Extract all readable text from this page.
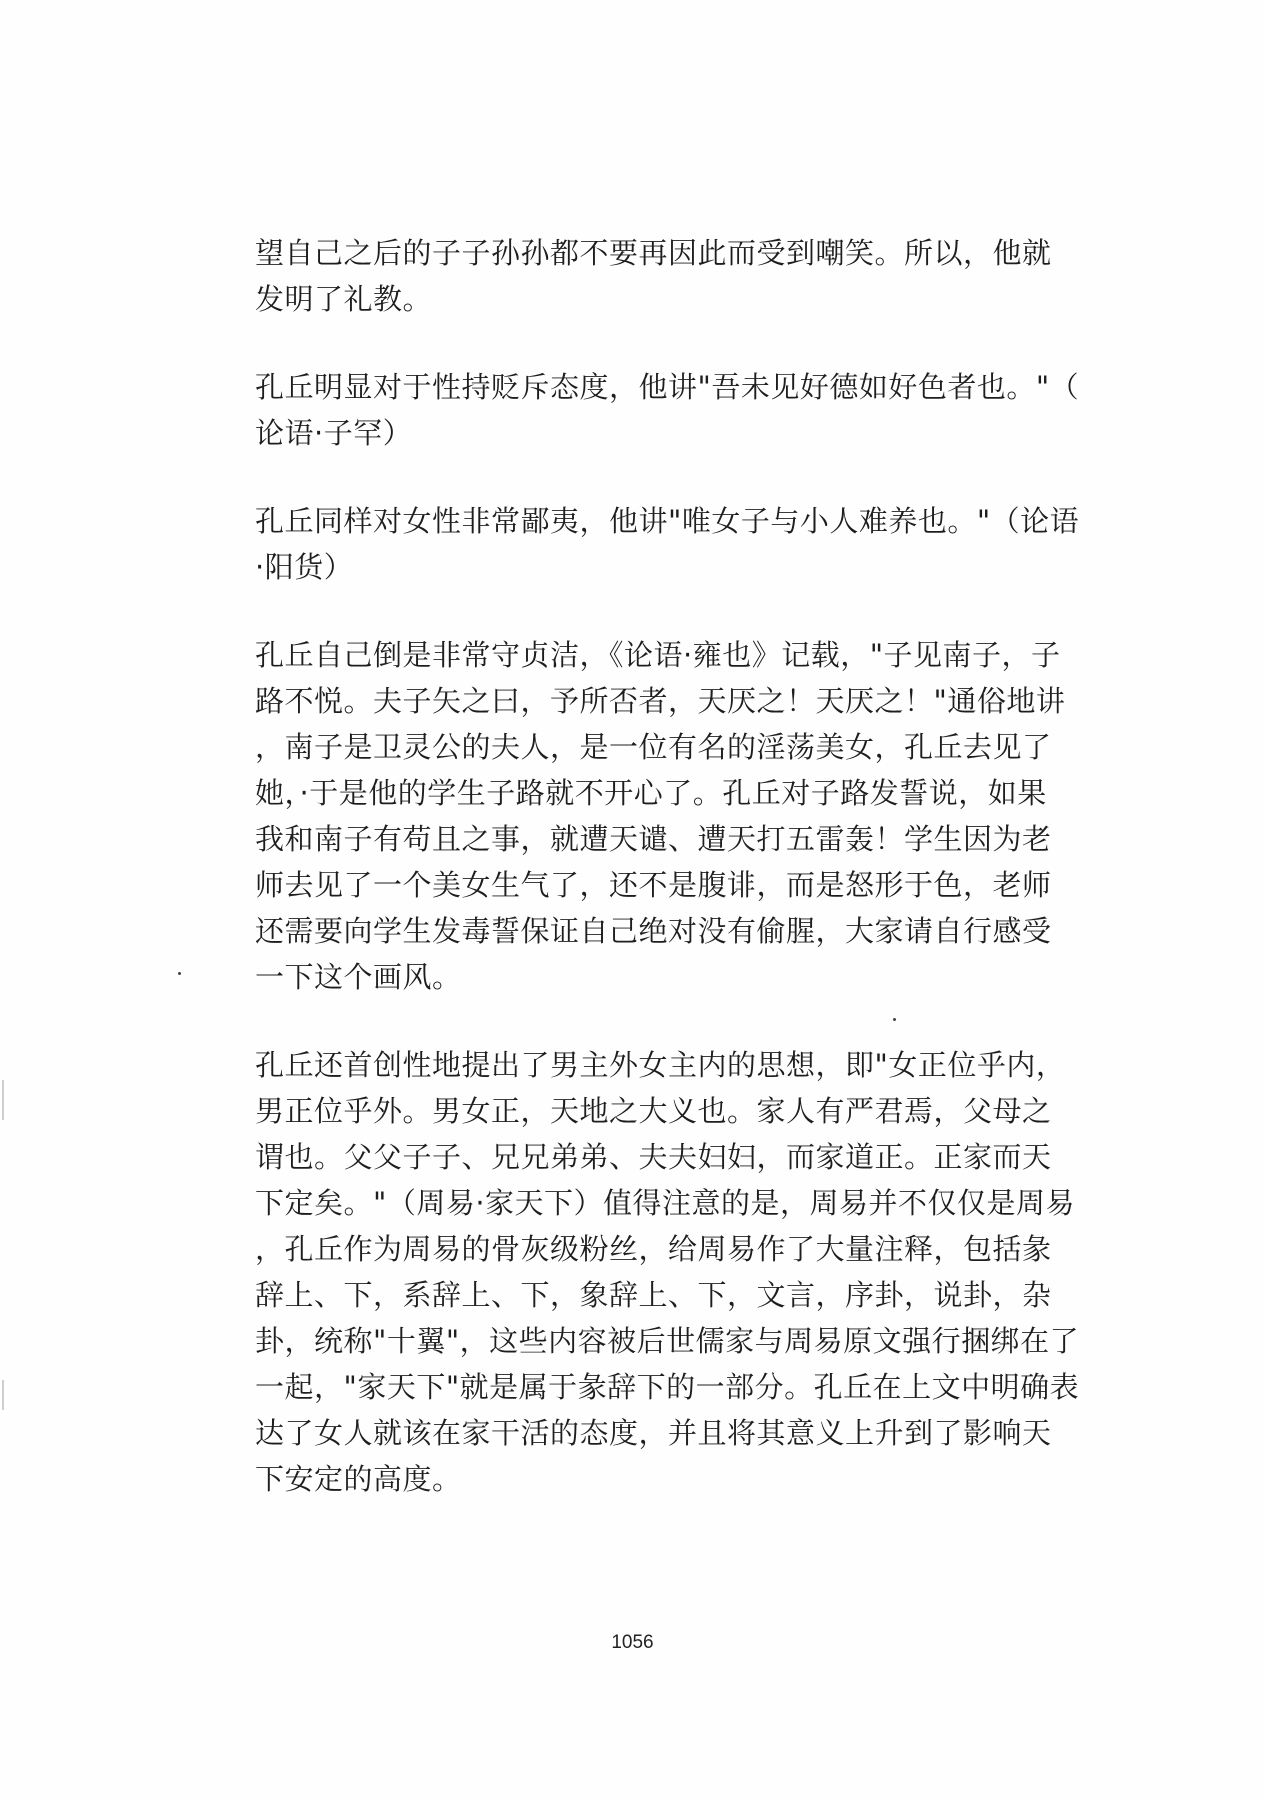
望自己之后的子子孙孙都不要再因此而受到嘲笑。所以，他就
发明了礼教。
孔丘明显对于性持贬斥态度，他讲"吾未见好德如好色者也。"（
论语·子罕）
孔丘同样对女性非常鄙夷，他讲"唯女子与小人难养也。"（论语
·阳货）
孔丘自己倒是非常守贞洁，《论语·雍也》记载，"子见南子，子
路不悦。夫子矢之曰，予所否者，天厌之！天厌之！"通俗地讲
，南子是卫灵公的夫人，是一位有名的淫荡美女，孔丘去见了
她，·于是他的学生子路就不开心了。孔丘对子路发誓说，如果
我和南子有苟且之事，就遭天谴、遭天打五雷轰！学生因为老
师去见了一个美女生气了，还不是腹诽，而是怒形于色，老师
还需要向学生发毒誓保证自己绝对没有偷腥，大家请自行感受
一下这个画风。
孔丘还首创性地提出了男主外女主内的思想，即"女正位乎内，
男正位乎外。男女正，天地之大义也。家人有严君焉，父母之
谓也。父父子子、兄兄弟弟、夫夫妇妇，而家道正。正家而天
下定矣。"（周易·家天下）值得注意的是，周易并不仅仅是周易
，孔丘作为周易的骨灰级粉丝，给周易作了大量注释，包括彖
辞上、下，系辞上、下，象辞上、下，文言，序卦，说卦，杂
卦，统称"十翼"，这些内容被后世儒家与周易原文强行捆绑在了
一起，"家天下"就是属于彖辞下的一部分。孔丘在上文中明确表
达了女人就该在家干活的态度，并且将其意义上升到了影响天
下安定的高度。
1056
